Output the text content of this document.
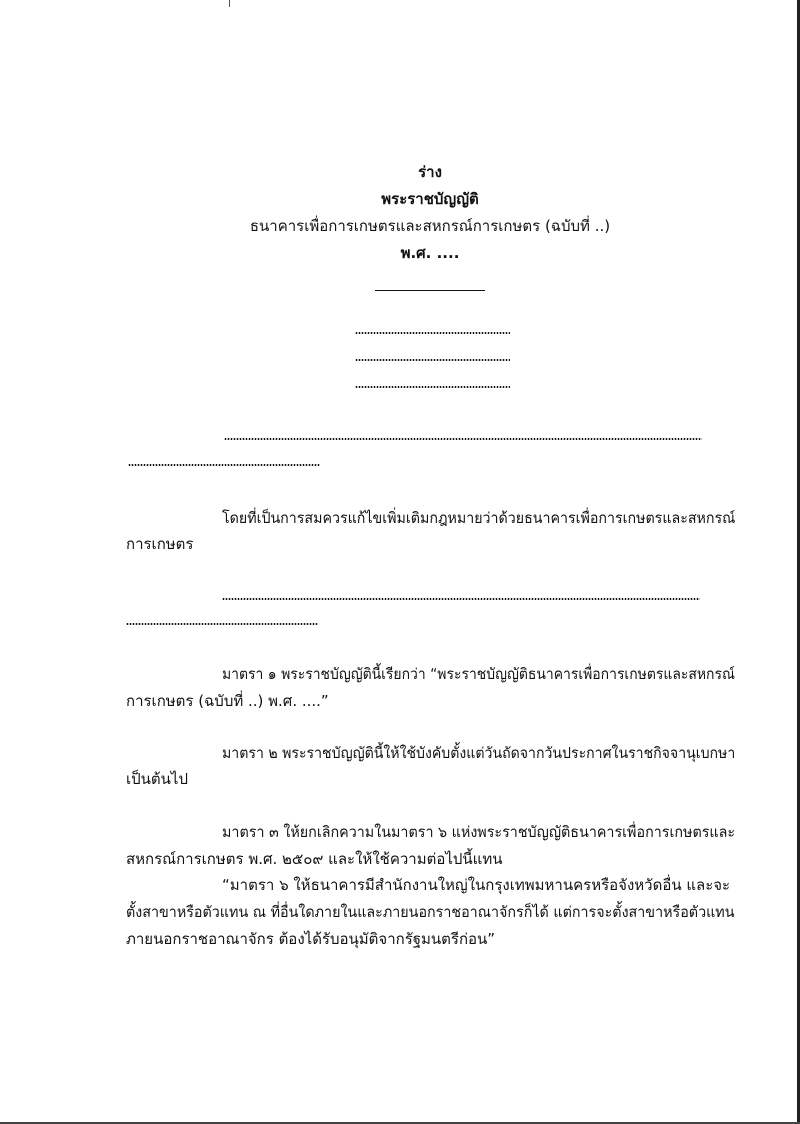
ร่าง
พระราชบัญญัติ
ธนาคารเพื่อการเกษตรและสหกรณ์การเกษตร (ฉบับที่ ..)
พ.ศ. ....
โดยที่เป็นการสมควรแก้ไขเพิ่มเติมกฎหมายว่าด้วยธนาคารเพื่อการเกษตรและสหกรณ์
การเกษตร
มาตรา ๑ พระราชบัญญัตินี้เรียกว่า “พระราชบัญญัติธนาคารเพื่อการเกษตรและสหกรณ์
การเกษตร (ฉบับที่ ..) พ.ศ. ....”
มาตรา ๒ พระราชบัญญัตินี้ให้ใช้บังคับตั้งแต่วันถัดจากวันประกาศในราชกิจจานุเบกษา
เป็นต้นไป
มาตรา ๓ ให้ยกเลิกความในมาตรา ๖ แห่งพระราชบัญญัติธนาคารเพื่อการเกษตรและ
สหกรณ์การเกษตร พ.ศ. ๒๕๐๙ และให้ใช้ความต่อไปนี้แทน
“มาตรา ๖ ให้ธนาคารมีสำนักงานใหญ่ในกรุงเทพมหานครหรือจังหวัดอื่น และจะ
ตั้งสาขาหรือตัวแทน ณ ที่อื่นใดภายในและภายนอกราชอาณาจักรก็ได้ แต่การจะตั้งสาขาหรือตัวแทน
ภายนอกราชอาณาจักร ต้องได้รับอนุมัติจากรัฐมนตรีก่อน”
